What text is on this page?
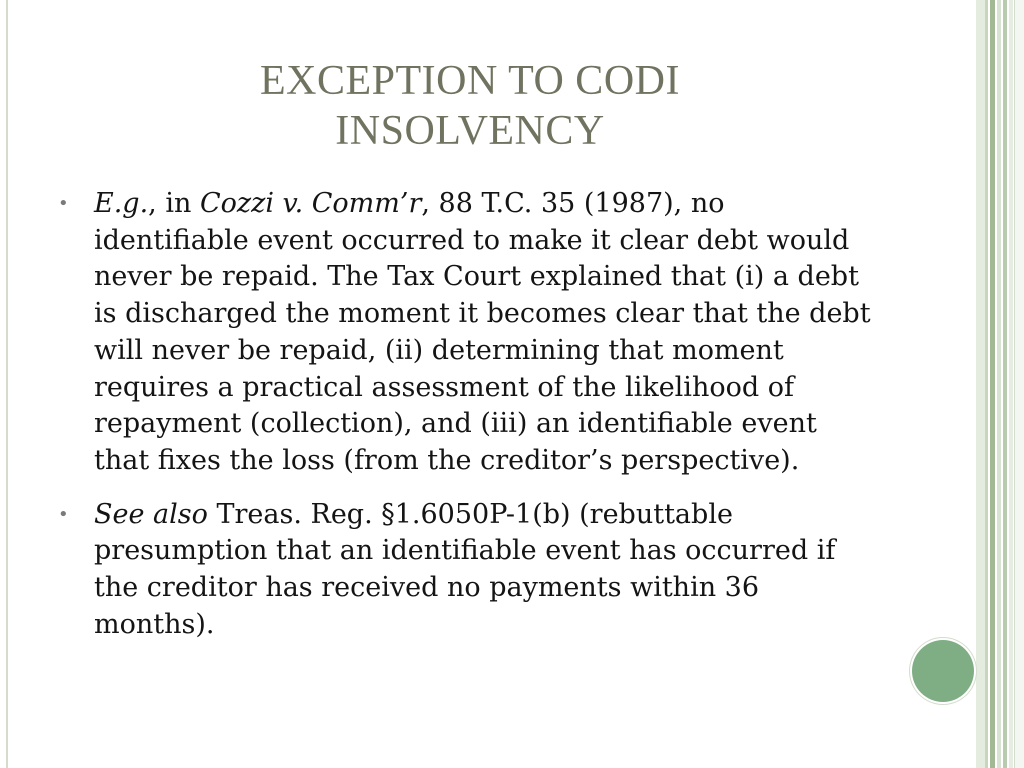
EXCEPTION TO CODI
INSOLVENCY
• E.g., in Cozzi v. Comm’r, 88 T.C. 35 (1987), no identifiable event occurred to make it clear debt would never be repaid. The Tax Court explained that (i) a debt is discharged the moment it becomes clear that the debt will never be repaid, (ii) determining that moment requires a practical assessment of the likelihood of repayment (collection), and (iii) an identifiable event that fixes the loss (from the creditor’s perspective).
• See also Treas. Reg. §1.6050P-1(b) (rebuttable presumption that an identifiable event has occurred if the creditor has received no payments within 36 months).
